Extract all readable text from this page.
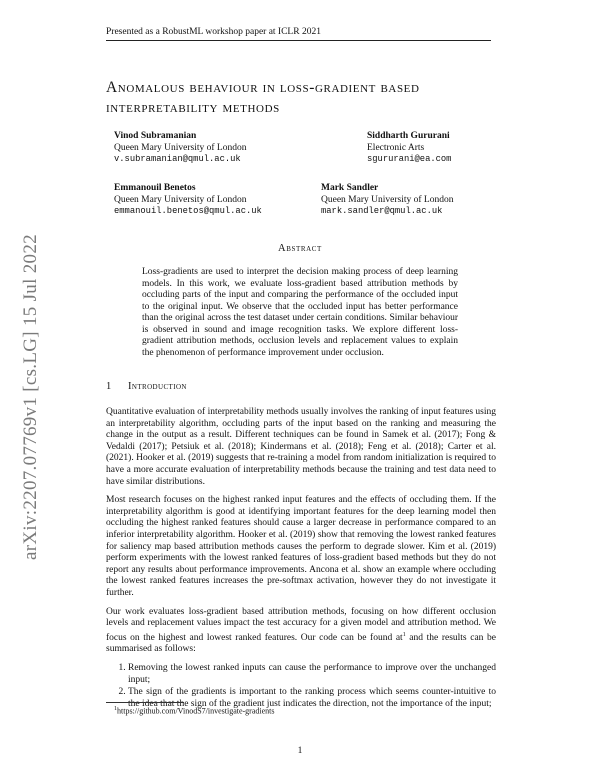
Presented as a RobustML workshop paper at ICLR 2021
arXiv:2207.07769v1 [cs.LG] 15 Jul 2022
Anomalous behaviour in loss-gradient based interpretability methods
Vinod Subramanian
Queen Mary University of London
v.subramanian@qmul.ac.uk
Siddharth Gururani
Electronic Arts
sgururani@ea.com
Emmanouil Benetos
Queen Mary University of London
emmanouil.benetos@qmul.ac.uk
Mark Sandler
Queen Mary University of London
mark.sandler@qmul.ac.uk
Abstract
Loss-gradients are used to interpret the decision making process of deep learning models. In this work, we evaluate loss-gradient based attribution methods by occluding parts of the input and comparing the performance of the occluded input to the original input. We observe that the occluded input has better performance than the original across the test dataset under certain conditions. Similar behaviour is observed in sound and image recognition tasks. We explore different loss-gradient attribution methods, occlusion levels and replacement values to explain the phenomenon of performance improvement under occlusion.
1 Introduction

Quantitative evaluation of interpretability methods usually involves the ranking of input features using an interpretability algorithm, occluding parts of the input based on the ranking and measuring the change in the output as a result. Different techniques can be found in Samek et al. (2017); Fong & Vedaldi (2017); Petsiuk et al. (2018); Kindermans et al. (2018); Feng et al. (2018); Carter et al. (2021). Hooker et al. (2019) suggests that re-training a model from random initialization is required to have a more accurate evaluation of interpretability methods because the training and test data need to have similar distributions.

Most research focuses on the highest ranked input features and the effects of occluding them. If the interpretability algorithm is good at identifying important features for the deep learning model then occluding the highest ranked features should cause a larger decrease in performance compared to an inferior interpretability algorithm. Hooker et al. (2019) show that removing the lowest ranked features for saliency map based attribution methods causes the perform to degrade slower. Kim et al. (2019) perform experiments with the lowest ranked features of loss-gradient based methods but they do not report any results about performance improvements. Ancona et al. show an example where occluding the lowest ranked features increases the pre-softmax activation, however they do not investigate it further.

Our work evaluates loss-gradient based attribution methods, focusing on how different occlusion levels and replacement values impact the test accuracy for a given model and attribution method. We focus on the highest and lowest ranked features. Our code can be found $at^1$ and the results can be summarised as follows:

1. Removing the lowest ranked inputs can cause the performance to improve over the unchanged input;
2. The sign of the gradients is important to the ranking process which seems counter-intuitive to the idea that the sign of the gradient just indicates the direction, not the importance of the input;
$^1$https://github.com/VinodS7/investigate-gradients
1
